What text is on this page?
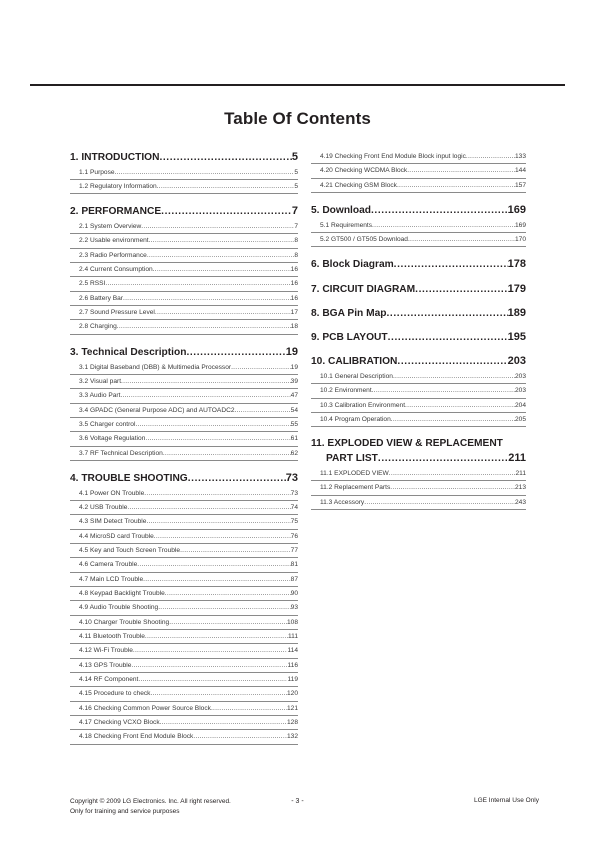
Table Of Contents
1. INTRODUCTION .....	5
1.1 Purpose .....	5
1.2 Regulatory Information .....	5
2. PERFORMANCE .....	7
2.1 System Overview .....	7
2.2 Usable environment .....	8
2.3 Radio Performance .....	8
2.4 Current Consumption .....	16
2.5 RSSI .....	16
2.6 Battery Bar .....	16
2.7 Sound Pressure Level .....	17
2.8 Charging .....	18
3. Technical Description .....	19
3.1 Digital Baseband (DBB) & Multimedia Processor .....	19
3.2 Visual part .....	39
3.3 Audio Part .....	47
3.4 GPADC (General Purpose ADC) and AUTOADC2 .....	54
3.5 Charger control .....	55
3.6 Voltage Regulation .....	61
3.7 RF Technical Description .....	62
4. TROUBLE SHOOTING .....	73
4.1 Power ON Trouble .....	73
4.2 USB Trouble .....	74
4.3 SIM Detect Trouble .....	75
4.4 MicroSD card Trouble .....	76
4.5 Key and Touch Screen Trouble .....	77
4.6 Camera Trouble .....	81
4.7 Main LCD Trouble .....	87
4.8 Keypad Backlight Trouble .....	90
4.9 Audio Trouble Shooting .....	93
4.10 Charger Trouble Shooting .....	108
4.11 Bluetooth Trouble .....	111
4.12 Wi-Fi Trouble .....	114
4.13 GPS Trouble .....	116
4.14 RF Component .....	119
4.15 Procedure to check .....	120
4.16 Checking Common Power Source Block .....	121
4.17 Checking VCXO Block .....	128
4.18 Checking Front End Module Block .....	132
4.19 Checking Front End Module Block input logic .....	133
4.20 Checking WCDMA Block .....	144
4.21 Checking GSM Block .....	157
5. Download .....	169
5.1 Requirements .....	169
5.2 GT500 / GT505 Download .....	170
6. Block Diagram .....	178
7. CIRCUIT DIAGRAM .....	179
8. BGA Pin Map .....	189
9. PCB LAYOUT .....	195
10. CALIBRATION .....	203
10.1 General Description .....	203
10.2 Environment .....	203
10.3 Calibration Environment .....	204
10.4 Program Operation .....	205
11. EXPLODED VIEW & REPLACEMENT
PART LIST .....	211
11.1 EXPLODED VIEW .....	211
11.2 Replacement Parts .....	213
11.3 Accessory .....	243
Copyright © 2009 LG Electronics. Inc. All right reserved.
Only for training and service purposes
- 3 -	LGE Internal Use Only
